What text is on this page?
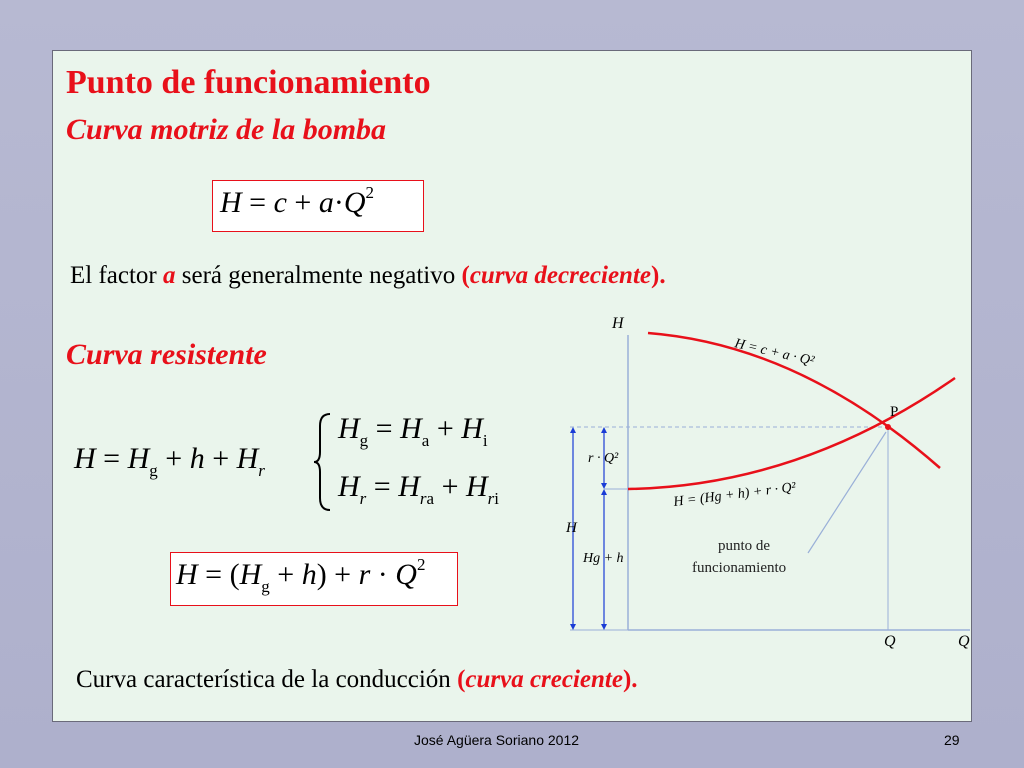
Punto de funcionamiento
Curva motriz de la bomba
$H = c + a\cdot Q^2$
El factor a será generalmente negativo (curva decreciente).
Curva resistente
$H = H_g + h + H_r$
$H_g = H_a + H_i$
$H_r = H_{ra} + H_{ri}$
$H = (H_g + h) + r \cdot Q^2$
Curva característica de la conducción (curva creciente).
H
Q
Q
P
H = c + a · Q²
H = (Hg + h) + r · Q²
r · Q²
H
Hg + h
punto de
funcionamiento
José Agüera Soriano 2012	29
